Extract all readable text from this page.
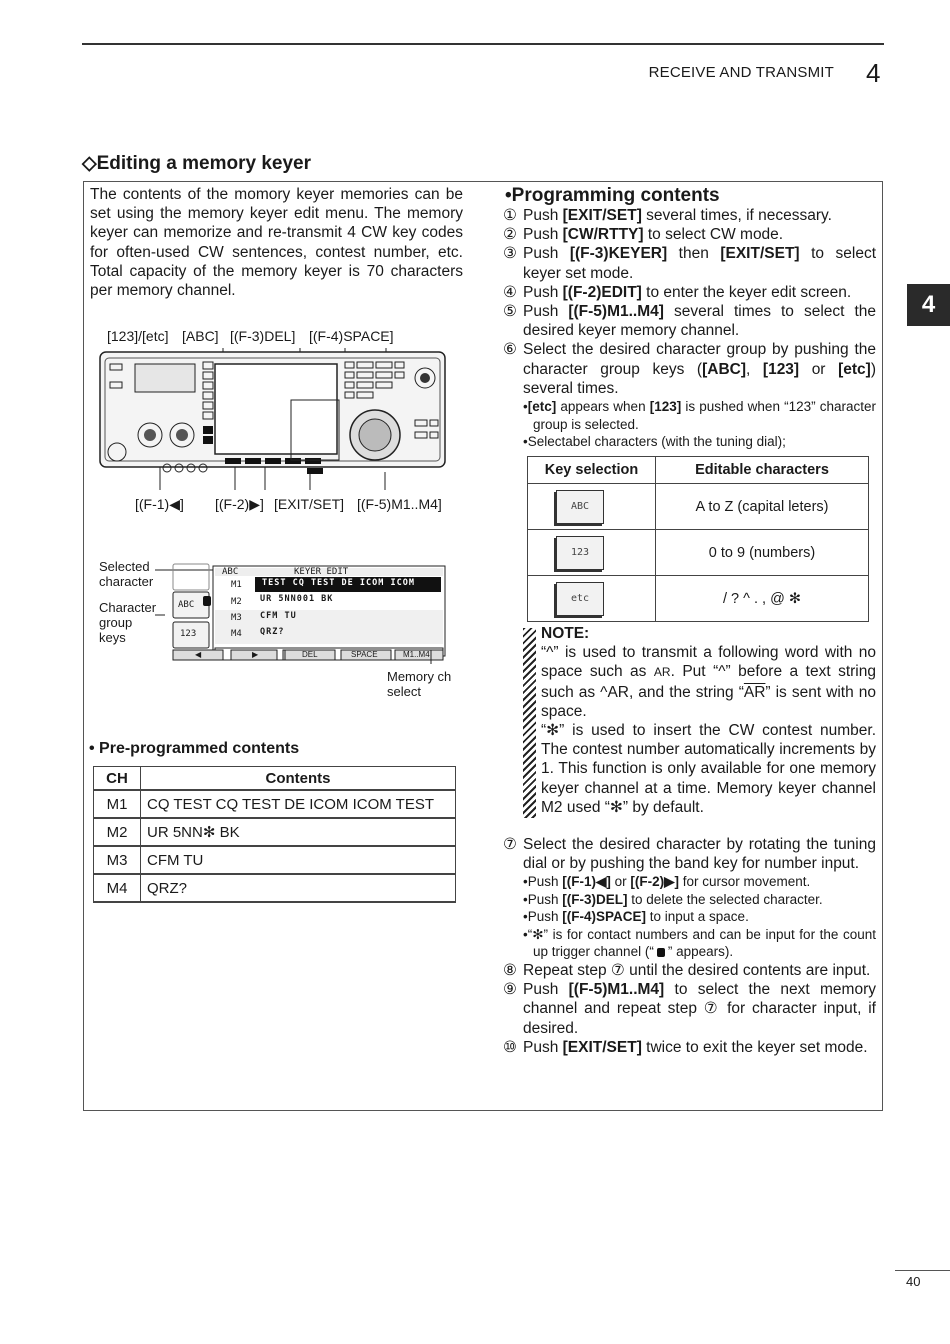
RECEIVE AND TRANSMIT 4
4
◇Editing a memory keyer
The contents of the momory keyer memories can be set using the memory keyer edit menu. The memory keyer can memorize and re-transmit 4 CW key codes for often-used CW sentences, contest number, etc. Total capacity of the memory keyer is 70 characters per memory channel.
[123]/[etc] [ABC] [(F-3)DEL] [(F-4)SPACE]
[(F-1)◀] [(F-2)▶] [EXIT/SET] [(F-5)M1..M4]
Selected character
Character group keys
ABC	KEYER EDIT
M1
M2
M3
M4
TEST CQ TEST DE ICOM ICOM
UR 5NN001 BK
CFM TU
QRZ?
ABC
123
◀	▶	DEL	SPACE	M1..M4
Memory ch select
• Pre-programmed contents
CH	Contents
M1	CQ TEST CQ TEST DE ICOM ICOM TEST
M2	UR 5NN✻ BK
M3	CFM TU
M4	QRZ?
•Programming contents
① Push [EXIT/SET] several times, if necessary.
② Push [CW/RTTY] to select CW mode.
③ Push [(F-3)KEYER] then [EXIT/SET] to select keyer set mode.
④ Push [(F-2)EDIT] to enter the keyer edit screen.
⑤ Push [(F-5)M1..M4] several times to select the desired keyer memory channel.
⑥ Select the desired character group by pushing the character group keys ([ABC], [123] or [etc]) several times.
•[etc] appears when [123] is pushed when “123” character group is selected.
•Selectabel characters (with the tuning dial);
Key selection	Editable characters
ABC	A to Z (capital leters)
123	0 to 9 (numbers)
etc	/ ? ^ . , @ ✻
NOTE:
“^” is used to transmit a following word with no space such as AR. Put “^” before a text string such as ^AR, and the string “$\overline{AR}$” is sent with no space.
“✻” is used to insert the CW contest number. The contest number automatically increments by 1. This function is only available for one memory keyer channel at a time. Memory keyer channel M2 used “✻” by default.
⑦ Select the desired character by rotating the tuning dial or by pushing the band key for number input.
•Push [(F-1)◀] or [(F-2)▶] for cursor movement.
•Push [(F-3)DEL] to delete the selected character.
•Push [(F-4)SPACE] to input a space.
•“✻” is for contact numbers and can be input for the count up trigger channel (“ ” appears).
⑧ Repeat step ⑦ until the desired contents are input.
⑨ Push [(F-5)M1..M4] to select the next memory channel and repeat step ⑦ for character input, if desired.
⑩ Push [EXIT/SET] twice to exit the keyer set mode.
40
